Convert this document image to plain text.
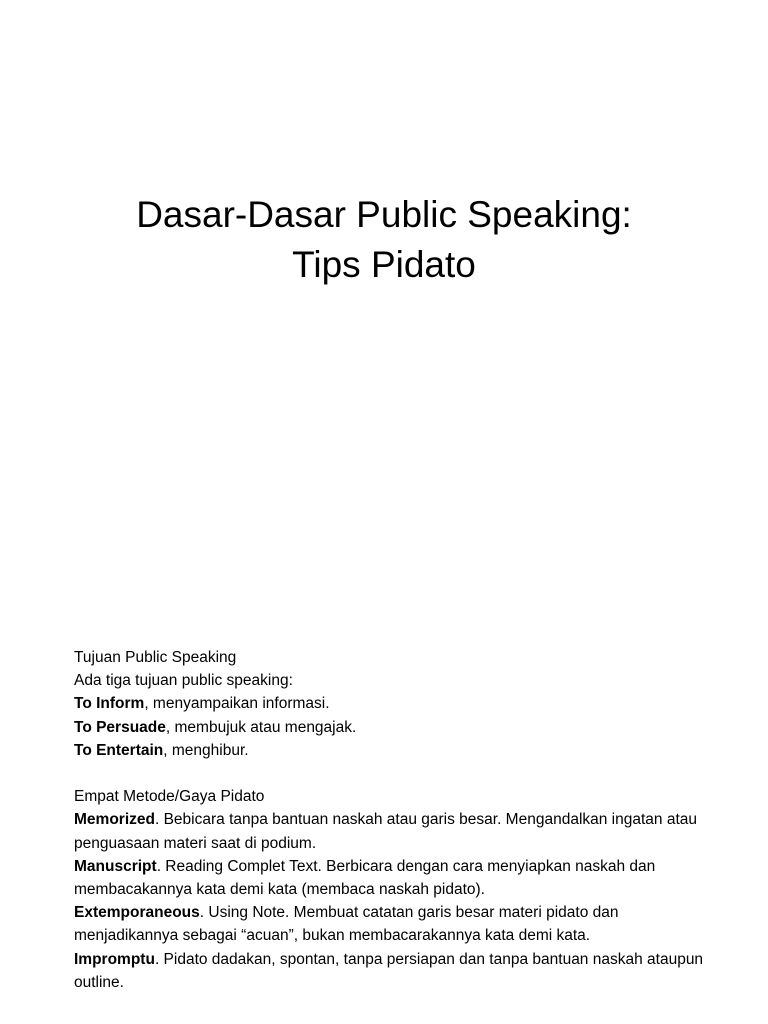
Dasar-Dasar Public Speaking:
Tips Pidato

Tujuan Public Speaking

Ada tiga tujuan public speaking:

To Inform, menyampaikan informasi.

To Persuade, membujuk atau mengajak.

To Entertain, menghibur.

Empat Metode/Gaya Pidato

Memorized. Bebicara tanpa bantuan naskah atau garis besar. Mengandalkan ingatan atau penguasaan materi saat di podium.

Manuscript. Reading Complet Text. Berbicara dengan cara menyiapkan naskah dan membacakannya kata demi kata (membaca naskah pidato).

Extemporaneous. Using Note. Membuat catatan garis besar materi pidato dan menjadikannya sebagai “acuan”, bukan membacarakannya kata demi kata.

Impromptu. Pidato dadakan, spontan, tanpa persiapan dan tanpa bantuan naskah ataupun outline.
